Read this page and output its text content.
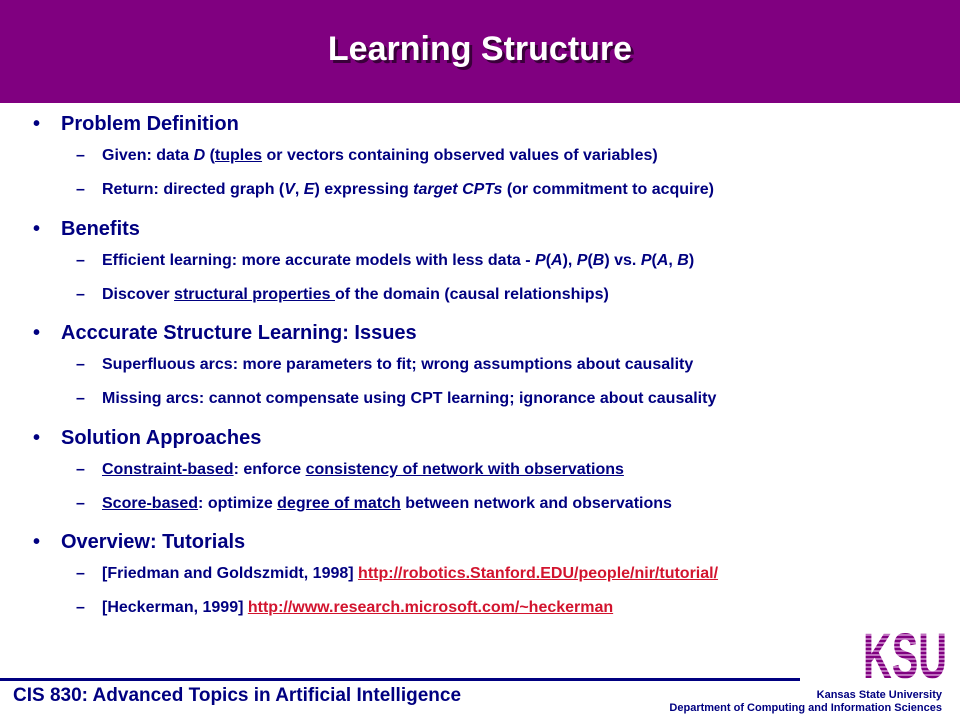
Learning Structure
• Problem Definition
– Given: data D (tuples or vectors containing observed values of variables)
– Return: directed graph (V, E) expressing target CPTs (or commitment to acquire)
• Benefits
– Efficient learning: more accurate models with less data - P(A), P(B) vs. P(A, B)
– Discover structural properties of the domain (causal relationships)
• Acccurate Structure Learning: Issues
– Superfluous arcs: more parameters to fit; wrong assumptions about causality
– Missing arcs: cannot compensate using CPT learning; ignorance about causality
• Solution Approaches
– Constraint-based: enforce consistency of network with observations
– Score-based: optimize degree of match between network and observations
• Overview: Tutorials
– [Friedman and Goldszmidt, 1998] http://robotics.Stanford.EDU/people/nir/tutorial/
– [Heckerman, 1999] http://www.research.microsoft.com/~heckerman
CIS 830: Advanced Topics in Artificial Intelligence	Kansas State University
Department of Computing and Information Sciences
KSU
